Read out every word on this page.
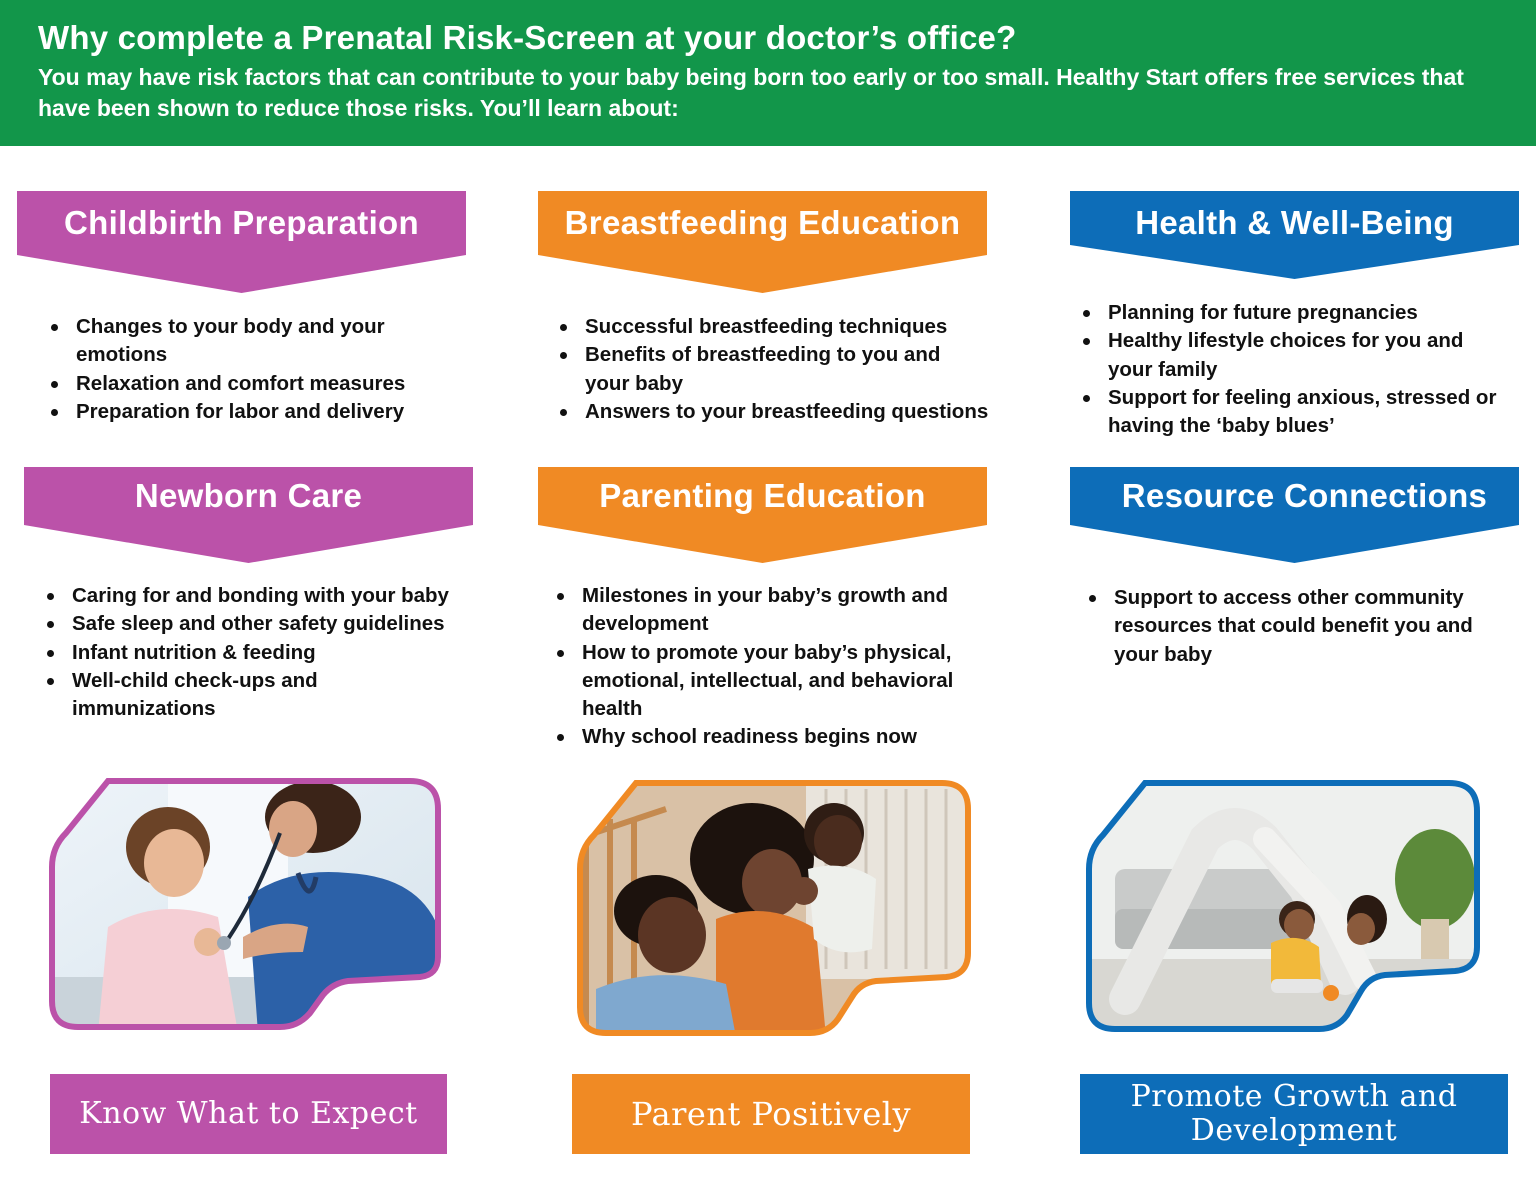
Why complete a Prenatal Risk-Screen at your doctor’s office?

You may have risk factors that can contribute to your baby being born too early or too small. Healthy Start offers free services that have been shown to reduce those risks. You’ll learn about:

Childbirth Preparation	Breastfeeding Education	Health & Well-Being
Changes to your body and your emotions
Relaxation and comfort measures
Preparation for labor and delivery
Successful breastfeeding techniques
Benefits of breastfeeding to you and your baby
Answers to your breastfeeding questions
Planning for future pregnancies
Healthy lifestyle choices for you and your family
Support for feeling anxious, stressed or having the ‘baby blues’
Newborn Care	Parenting Education	Resource Connections
Caring for and bonding with your baby
Safe sleep and other safety guidelines
Infant nutrition & feeding
Well-child check-ups and immunizations
Milestones in your baby’s growth and development
How to promote your baby’s physical, emotional, intellectual, and behavioral health
Why school readiness begins now
Support to access other community resources that could benefit you and your baby
Know What to Expect	Parent Positively	Promote Growth and Development
